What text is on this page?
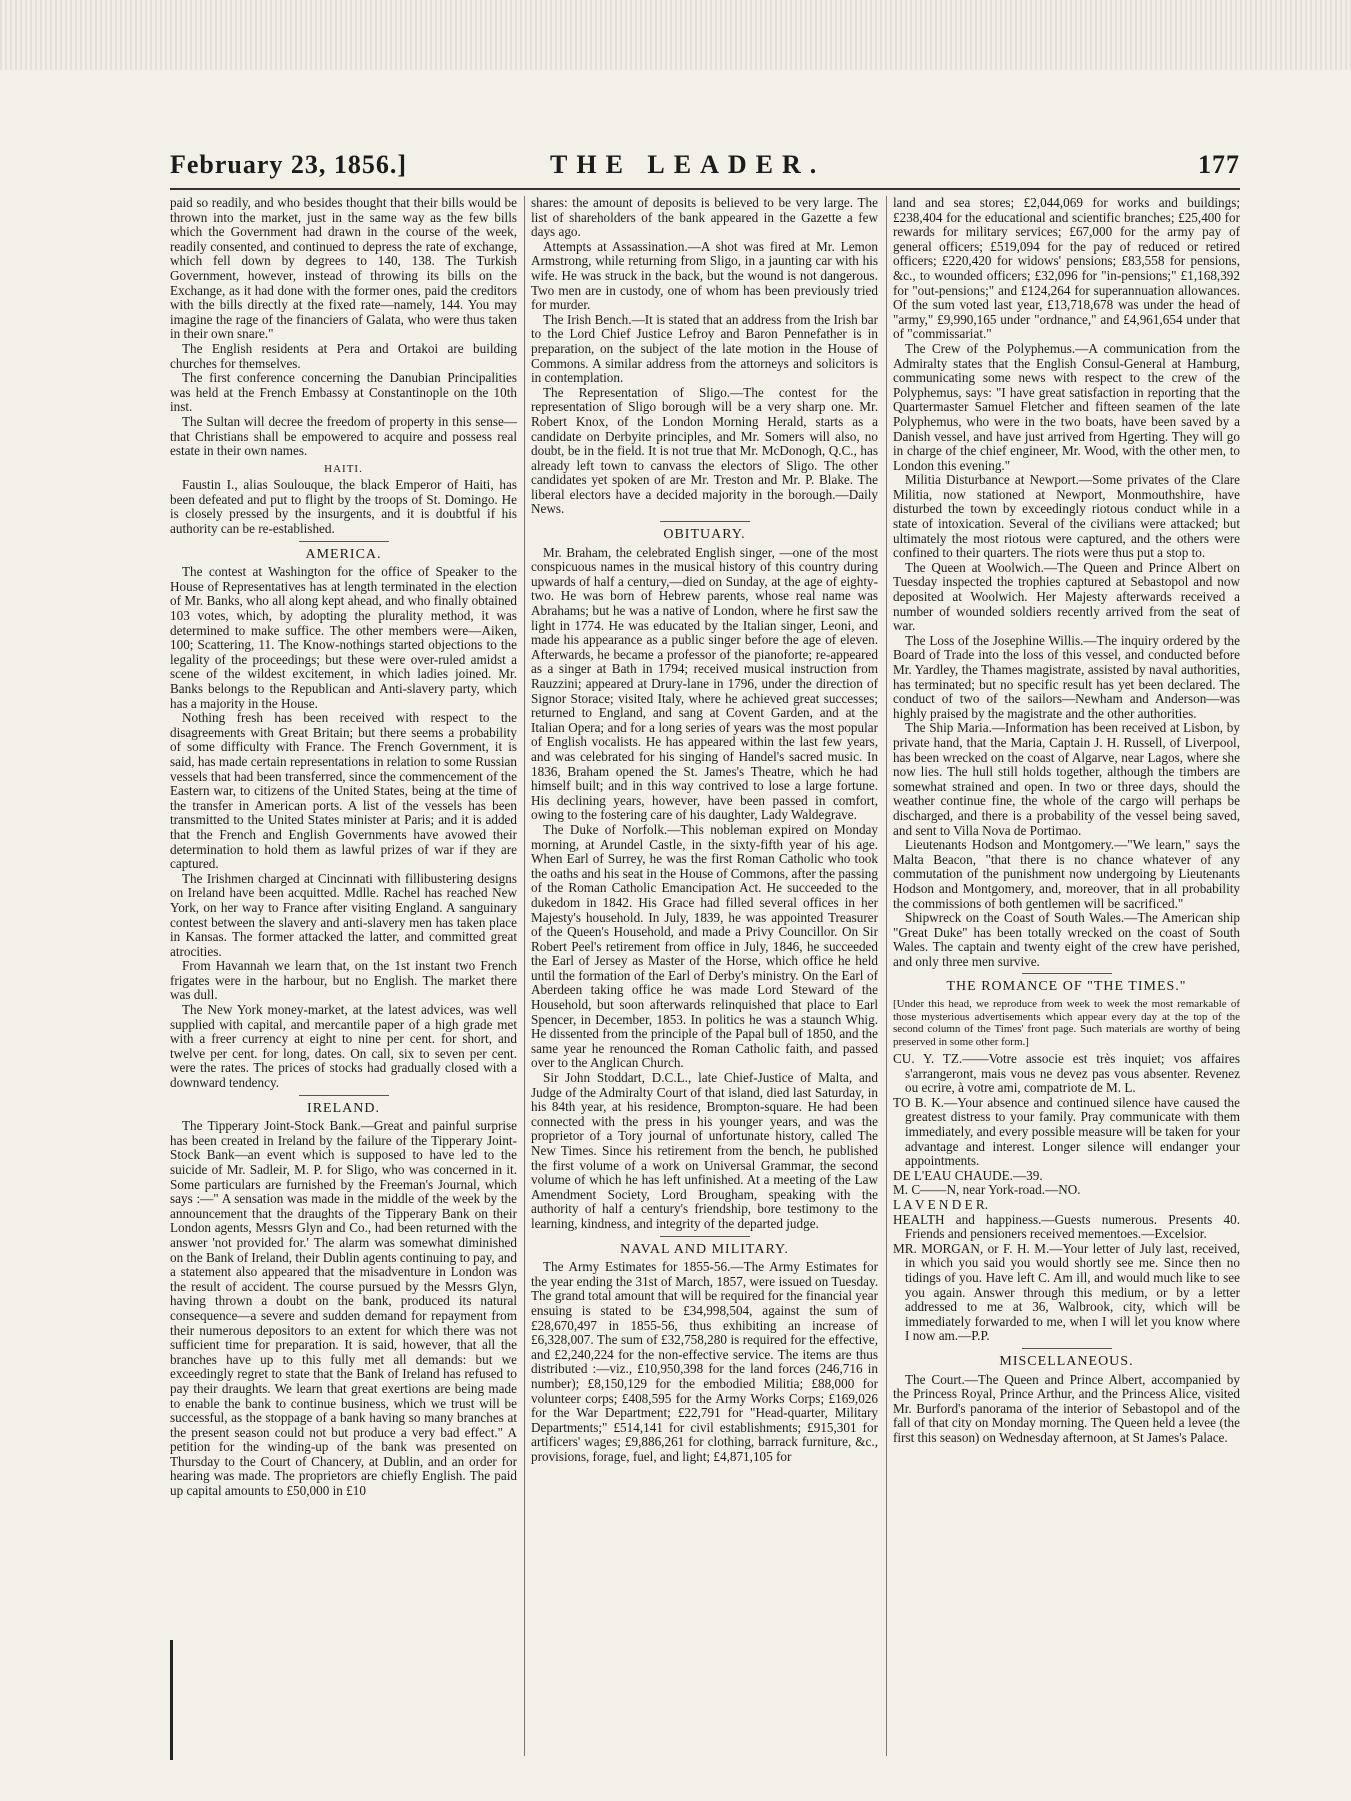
February 23, 1856.]	THE LEADER.	177

paid so readily, and who besides thought that their bills would be thrown into the market, just in the same way as the few bills which the Government had drawn in the course of the week, readily consented, and continued to depress the rate of exchange, which fell down by degrees to 140, 138. The Turkish Government, however, instead of throwing its bills on the Exchange, as it had done with the former ones, paid the creditors with the bills directly at the fixed rate—namely, 144. You may imagine the rage of the financiers of Galata, who were thus taken in their own snare."

The English residents at Pera and Ortakoi are building churches for themselves.

The first conference concerning the Danubian Principalities was held at the French Embassy at Constantinople on the 10th inst.

The Sultan will decree the freedom of property in this sense—that Christians shall be empowered to acquire and possess real estate in their own names.

HAITI.

Faustin I., alias Soulouque, the black Emperor of Haiti, has been defeated and put to flight by the troops of St. Domingo. He is closely pressed by the insurgents, and it is doubtful if his authority can be re-established.

AMERICA.

The contest at Washington for the office of Speaker to the House of Representatives has at length terminated in the election of Mr. Banks, who all along kept ahead, and who finally obtained 103 votes, which, by adopting the plurality method, it was determined to make suffice. The other members were—Aiken, 100; Scattering, 11. The Know-nothings started objections to the legality of the proceedings; but these were over-ruled amidst a scene of the wildest excitement, in which ladies joined. Mr. Banks belongs to the Republican and Anti-slavery party, which has a majority in the House.

Nothing fresh has been received with respect to the disagreements with Great Britain; but there seems a probability of some difficulty with France. The French Government, it is said, has made certain representations in relation to some Russian vessels that had been transferred, since the commencement of the Eastern war, to citizens of the United States, being at the time of the transfer in American ports. A list of the vessels has been transmitted to the United States minister at Paris; and it is added that the French and English Governments have avowed their determination to hold them as lawful prizes of war if they are captured.

The Irishmen charged at Cincinnati with fillibustering designs on Ireland have been acquitted. Mdlle. Rachel has reached New York, on her way to France after visiting England. A sanguinary contest between the slavery and anti-slavery men has taken place in Kansas. The former attacked the latter, and committed great atrocities.

From Havannah we learn that, on the 1st instant two French frigates were in the harbour, but no English. The market there was dull.

The New York money-market, at the latest advices, was well supplied with capital, and mercantile paper of a high grade met with a freer currency at eight to nine per cent. for short, and twelve per cent. for long, dates. On call, six to seven per cent. were the rates. The prices of stocks had gradually closed with a downward tendency.

IRELAND.

The Tipperary Joint-Stock Bank.—Great and painful surprise has been created in Ireland by the failure of the Tipperary Joint-Stock Bank—an event which is supposed to have led to the suicide of Mr. Sadleir, M. P. for Sligo, who was concerned in it. Some particulars are furnished by the Freeman's Journal, which says :—" A sensation was made in the middle of the week by the announcement that the draughts of the Tipperary Bank on their London agents, Messrs Glyn and Co., had been returned with the answer 'not provided for.' The alarm was somewhat diminished on the Bank of Ireland, their Dublin agents continuing to pay, and a statement also appeared that the misadventure in London was the result of accident. The course pursued by the Messrs Glyn, having thrown a doubt on the bank, produced its natural consequence—a severe and sudden demand for repayment from their numerous depositors to an extent for which there was not sufficient time for preparation. It is said, however, that all the branches have up to this fully met all demands: but we exceedingly regret to state that the Bank of Ireland has refused to pay their draughts. We learn that great exertions are being made to enable the bank to continue business, which we trust will be successful, as the stoppage of a bank having so many branches at the present season could not but produce a very bad effect." A petition for the winding-up of the bank was presented on Thursday to the Court of Chancery, at Dublin, and an order for hearing was made. The proprietors are chiefly English. The paid up capital amounts to £50,000 in £10

shares: the amount of deposits is believed to be very large. The list of shareholders of the bank appeared in the Gazette a few days ago.

Attempts at Assassination.—A shot was fired at Mr. Lemon Armstrong, while returning from Sligo, in a jaunting car with his wife. He was struck in the back, but the wound is not dangerous. Two men are in custody, one of whom has been previously tried for murder.

The Irish Bench.—It is stated that an address from the Irish bar to the Lord Chief Justice Lefroy and Baron Pennefather is in preparation, on the subject of the late motion in the House of Commons. A similar address from the attorneys and solicitors is in contemplation.

The Representation of Sligo.—The contest for the representation of Sligo borough will be a very sharp one. Mr. Robert Knox, of the London Morning Herald, starts as a candidate on Derbyite principles, and Mr. Somers will also, no doubt, be in the field. It is not true that Mr. McDonogh, Q.C., has already left town to canvass the electors of Sligo. The other candidates yet spoken of are Mr. Treston and Mr. P. Blake. The liberal electors have a decided majority in the borough.—Daily News.

OBITUARY.

Mr. Braham, the celebrated English singer, —one of the most conspicuous names in the musical history of this country during upwards of half a century,—died on Sunday, at the age of eighty-two. He was born of Hebrew parents, whose real name was Abrahams; but he was a native of London, where he first saw the light in 1774. He was educated by the Italian singer, Leoni, and made his appearance as a public singer before the age of eleven. Afterwards, he became a professor of the pianoforte; re-appeared as a singer at Bath in 1794; received musical instruction from Rauzzini; appeared at Drury-lane in 1796, under the direction of Signor Storace; visited Italy, where he achieved great successes; returned to England, and sang at Covent Garden, and at the Italian Opera; and for a long series of years was the most popular of English vocalists. He has appeared within the last few years, and was celebrated for his singing of Handel's sacred music. In 1836, Braham opened the St. James's Theatre, which he had himself built; and in this way contrived to lose a large fortune. His declining years, however, have been passed in comfort, owing to the fostering care of his daughter, Lady Waldegrave.

The Duke of Norfolk.—This nobleman expired on Monday morning, at Arundel Castle, in the sixty-fifth year of his age. When Earl of Surrey, he was the first Roman Catholic who took the oaths and his seat in the House of Commons, after the passing of the Roman Catholic Emancipation Act. He succeeded to the dukedom in 1842. His Grace had filled several offices in her Majesty's household. In July, 1839, he was appointed Treasurer of the Queen's Household, and made a Privy Councillor. On Sir Robert Peel's retirement from office in July, 1846, he succeeded the Earl of Jersey as Master of the Horse, which office he held until the formation of the Earl of Derby's ministry. On the Earl of Aberdeen taking office he was made Lord Steward of the Household, but soon afterwards relinquished that place to Earl Spencer, in December, 1853. In politics he was a staunch Whig. He dissented from the principle of the Papal bull of 1850, and the same year he renounced the Roman Catholic faith, and passed over to the Anglican Church.

Sir John Stoddart, D.C.L., late Chief-Justice of Malta, and Judge of the Admiralty Court of that island, died last Saturday, in his 84th year, at his residence, Brompton-square. He had been connected with the press in his younger years, and was the proprietor of a Tory journal of unfortunate history, called The New Times. Since his retirement from the bench, he published the first volume of a work on Universal Grammar, the second volume of which he has left unfinished. At a meeting of the Law Amendment Society, Lord Brougham, speaking with the authority of half a century's friendship, bore testimony to the learning, kindness, and integrity of the departed judge.

NAVAL AND MILITARY.

The Army Estimates for 1855-56.—The Army Estimates for the year ending the 31st of March, 1857, were issued on Tuesday. The grand total amount that will be required for the financial year ensuing is stated to be £34,998,504, against the sum of £28,670,497 in 1855-56, thus exhibiting an increase of £6,328,007. The sum of £32,758,280 is required for the effective, and £2,240,224 for the non-effective service. The items are thus distributed :—viz., £10,950,398 for the land forces (246,716 in number); £8,150,129 for the embodied Militia; £88,000 for volunteer corps; £408,595 for the Army Works Corps; £169,026 for the War Department; £22,791 for "Head-quarter, Military Departments;" £514,141 for civil establishments; £915,301 for artificers' wages; £9,886,261 for clothing, barrack furniture, &c., provisions, forage, fuel, and light; £4,871,105 for

land and sea stores; £2,044,069 for works and buildings; £238,404 for the educational and scientific branches; £25,400 for rewards for military services; £67,000 for the army pay of general officers; £519,094 for the pay of reduced or retired officers; £220,420 for widows' pensions; £83,558 for pensions, &c., to wounded officers; £32,096 for "in-pensions;" £1,168,392 for "out-pensions;" and £124,264 for superannuation allowances. Of the sum voted last year, £13,718,678 was under the head of "army," £9,990,165 under "ordnance," and £4,961,654 under that of "commissariat."

The Crew of the Polyphemus.—A communication from the Admiralty states that the English Consul-General at Hamburg, communicating some news with respect to the crew of the Polyphemus, says: "I have great satisfaction in reporting that the Quartermaster Samuel Fletcher and fifteen seamen of the late Polyphemus, who were in the two boats, have been saved by a Danish vessel, and have just arrived from Hgerting. They will go in charge of the chief engineer, Mr. Wood, with the other men, to London this evening."

Militia Disturbance at Newport.—Some privates of the Clare Militia, now stationed at Newport, Monmouthshire, have disturbed the town by exceedingly riotous conduct while in a state of intoxication. Several of the civilians were attacked; but ultimately the most riotous were captured, and the others were confined to their quarters. The riots were thus put a stop to.

The Queen at Woolwich.—The Queen and Prince Albert on Tuesday inspected the trophies captured at Sebastopol and now deposited at Woolwich. Her Majesty afterwards received a number of wounded soldiers recently arrived from the seat of war.

The Loss of the Josephine Willis.—The inquiry ordered by the Board of Trade into the loss of this vessel, and conducted before Mr. Yardley, the Thames magistrate, assisted by naval authorities, has terminated; but no specific result has yet been declared. The conduct of two of the sailors—Newham and Anderson—was highly praised by the magistrate and the other authorities.

The Ship Maria.—Information has been received at Lisbon, by private hand, that the Maria, Captain J. H. Russell, of Liverpool, has been wrecked on the coast of Algarve, near Lagos, where she now lies. The hull still holds together, although the timbers are somewhat strained and open. In two or three days, should the weather continue fine, the whole of the cargo will perhaps be discharged, and there is a probability of the vessel being saved, and sent to Villa Nova de Portimao.

Lieutenants Hodson and Montgomery.—"We learn," says the Malta Beacon, "that there is no chance whatever of any commutation of the punishment now undergoing by Lieutenants Hodson and Montgomery, and, moreover, that in all probability the commissions of both gentlemen will be sacrificed."

Shipwreck on the Coast of South Wales.—The American ship "Great Duke" has been totally wrecked on the coast of South Wales. The captain and twenty eight of the crew have perished, and only three men survive.

THE ROMANCE OF "THE TIMES."

[Under this head, we reproduce from week to week the most remarkable of those mysterious advertisements which appear every day at the top of the second column of the Times' front page. Such materials are worthy of being preserved in some other form.]

CU. Y. TZ.——Votre associe est très inquiet; vos affaires s'arrangeront, mais vous ne devez pas vous absenter. Revenez ou ecrire, à votre ami, compatriote de M. L.

TO B. K.—Your absence and continued silence have caused the greatest distress to your family. Pray communicate with them immediately, and every possible measure will be taken for your advantage and interest. Longer silence will endanger your appointments.

DE L'EAU CHAUDE.—39.

M. C——N, near York-road.—NO.

L A V E N D E R.

HEALTH and happiness.—Guests numerous. Presents 40. Friends and pensioners received mementoes.—Excelsior.

MR. MORGAN, or F. H. M.—Your letter of July last, received, in which you said you would shortly see me. Since then no tidings of you. Have left C. Am ill, and would much like to see you again. Answer through this medium, or by a letter addressed to me at 36, Walbrook, city, which will be immediately forwarded to me, when I will let you know where I now am.—P.P.

MISCELLANEOUS.

The Court.—The Queen and Prince Albert, accompanied by the Princess Royal, Prince Arthur, and the Princess Alice, visited Mr. Burford's panorama of the interior of Sebastopol and of the fall of that city on Monday morning. The Queen held a levee (the first this season) on Wednesday afternoon, at St James's Palace.
